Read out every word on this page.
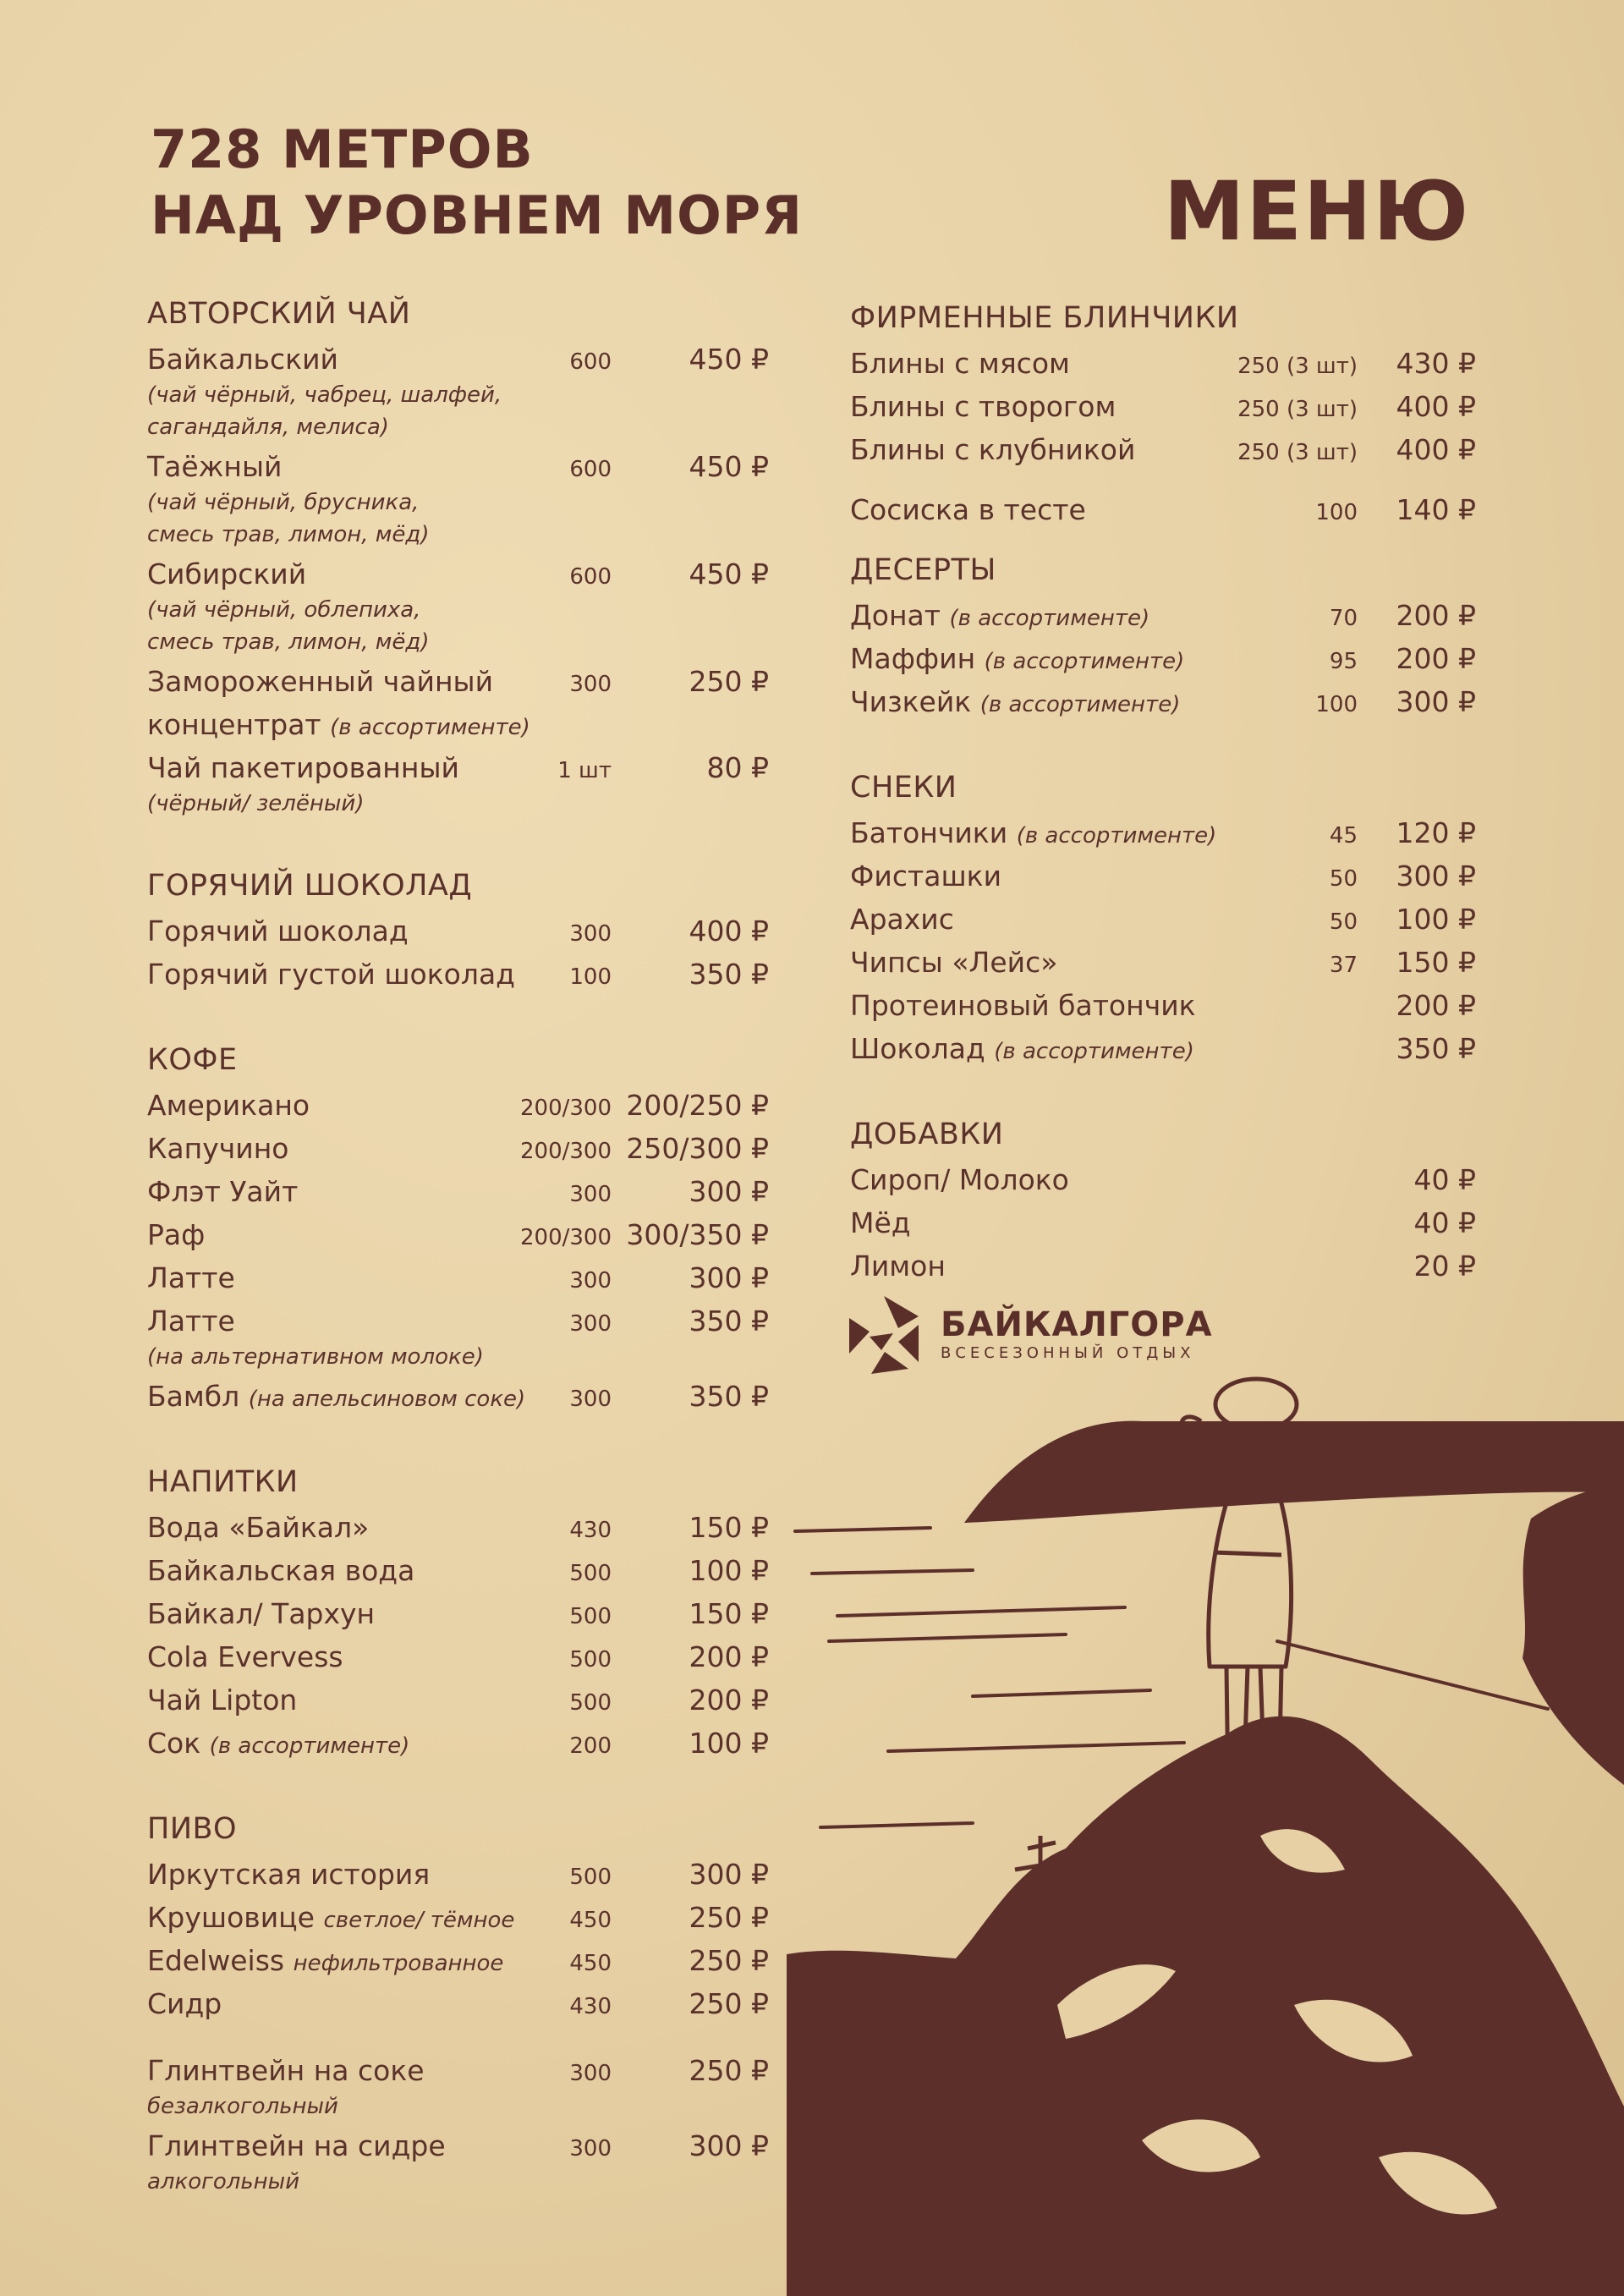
728 МЕТРОВ
НАД УРОВНЕМ МОРЯ	МЕНЮ
АВТОРСКИЙ ЧАЙ
Байкальский	600	450 ₽
(чай чёрный, чабрец, шалфей,
сагандайля, мелиса)
Таёжный	600	450 ₽
(чай чёрный, брусника,
смесь трав, лимон, мёд)
Сибирский	600	450 ₽
(чай чёрный, облепиха,
смесь трав, лимон, мёд)
Замороженный чайный	300	250 ₽
концентрат (в ассортименте)
Чай пакетированный	1 шт	80 ₽
(чёрный/ зелёный)
ГОРЯЧИЙ ШОКОЛАД
Горячий шоколад	300	400 ₽
Горячий густой шоколад 100	350 ₽
КОФЕ
Американо	200/300 200/250 ₽
Капучино	200/300 250/300 ₽
Флэт Уайт	300	300 ₽
Раф	200/300 300/350 ₽
Латте	300	300 ₽
Латте	300	350 ₽
(на альтернативном молоке)
Бамбл (на апельсиновом соке) 300	350 ₽
НАПИТКИ
Вода «Байкал»	430	150 ₽
Байкальская вода	500	100 ₽
Байкал/ Тархун	500	150 ₽
Cola Evervess	500	200 ₽
Чай Lipton	500	200 ₽
Сок (в ассортименте)	200	100 ₽
ПИВО
Иркутская история	500	300 ₽
Крушовице светлое/ тёмное 450	250 ₽
Edelweiss нефильтрованное	450	250 ₽
Сидр	430	250 ₽
Глинтвейн на соке	300	250 ₽
безалкогольный
Глинтвейн на сидре	300	300 ₽
алкогольный
ФИРМЕННЫЕ БЛИНЧИКИ
Блины с мясом	250 (3 шт) 430 ₽
Блины с творогом	250 (3 шт) 400 ₽
Блины с клубникой	250 (3 шт) 400 ₽
Сосиска в тесте	100 140 ₽
ДЕСЕРТЫ
Донат (в ассортименте)	70 200 ₽
Маффин (в ассортименте)	95 200 ₽
Чизкейк (в ассортименте)	100 300 ₽
СНЕКИ
Батончики (в ассортименте)	45 120 ₽
Фисташки	50 300 ₽
Арахис	50 100 ₽
Чипсы «Лейс»	37 150 ₽
Протеиновый батончик	200 ₽
Шоколад (в ассортименте)	350 ₽
ДОБАВКИ
Сироп/ Молоко	40 ₽
Мёд	40 ₽
Лимон	20 ₽
БАЙКАЛГОРА
ВСЕСЕЗОННЫЙ ОТДЫХ
